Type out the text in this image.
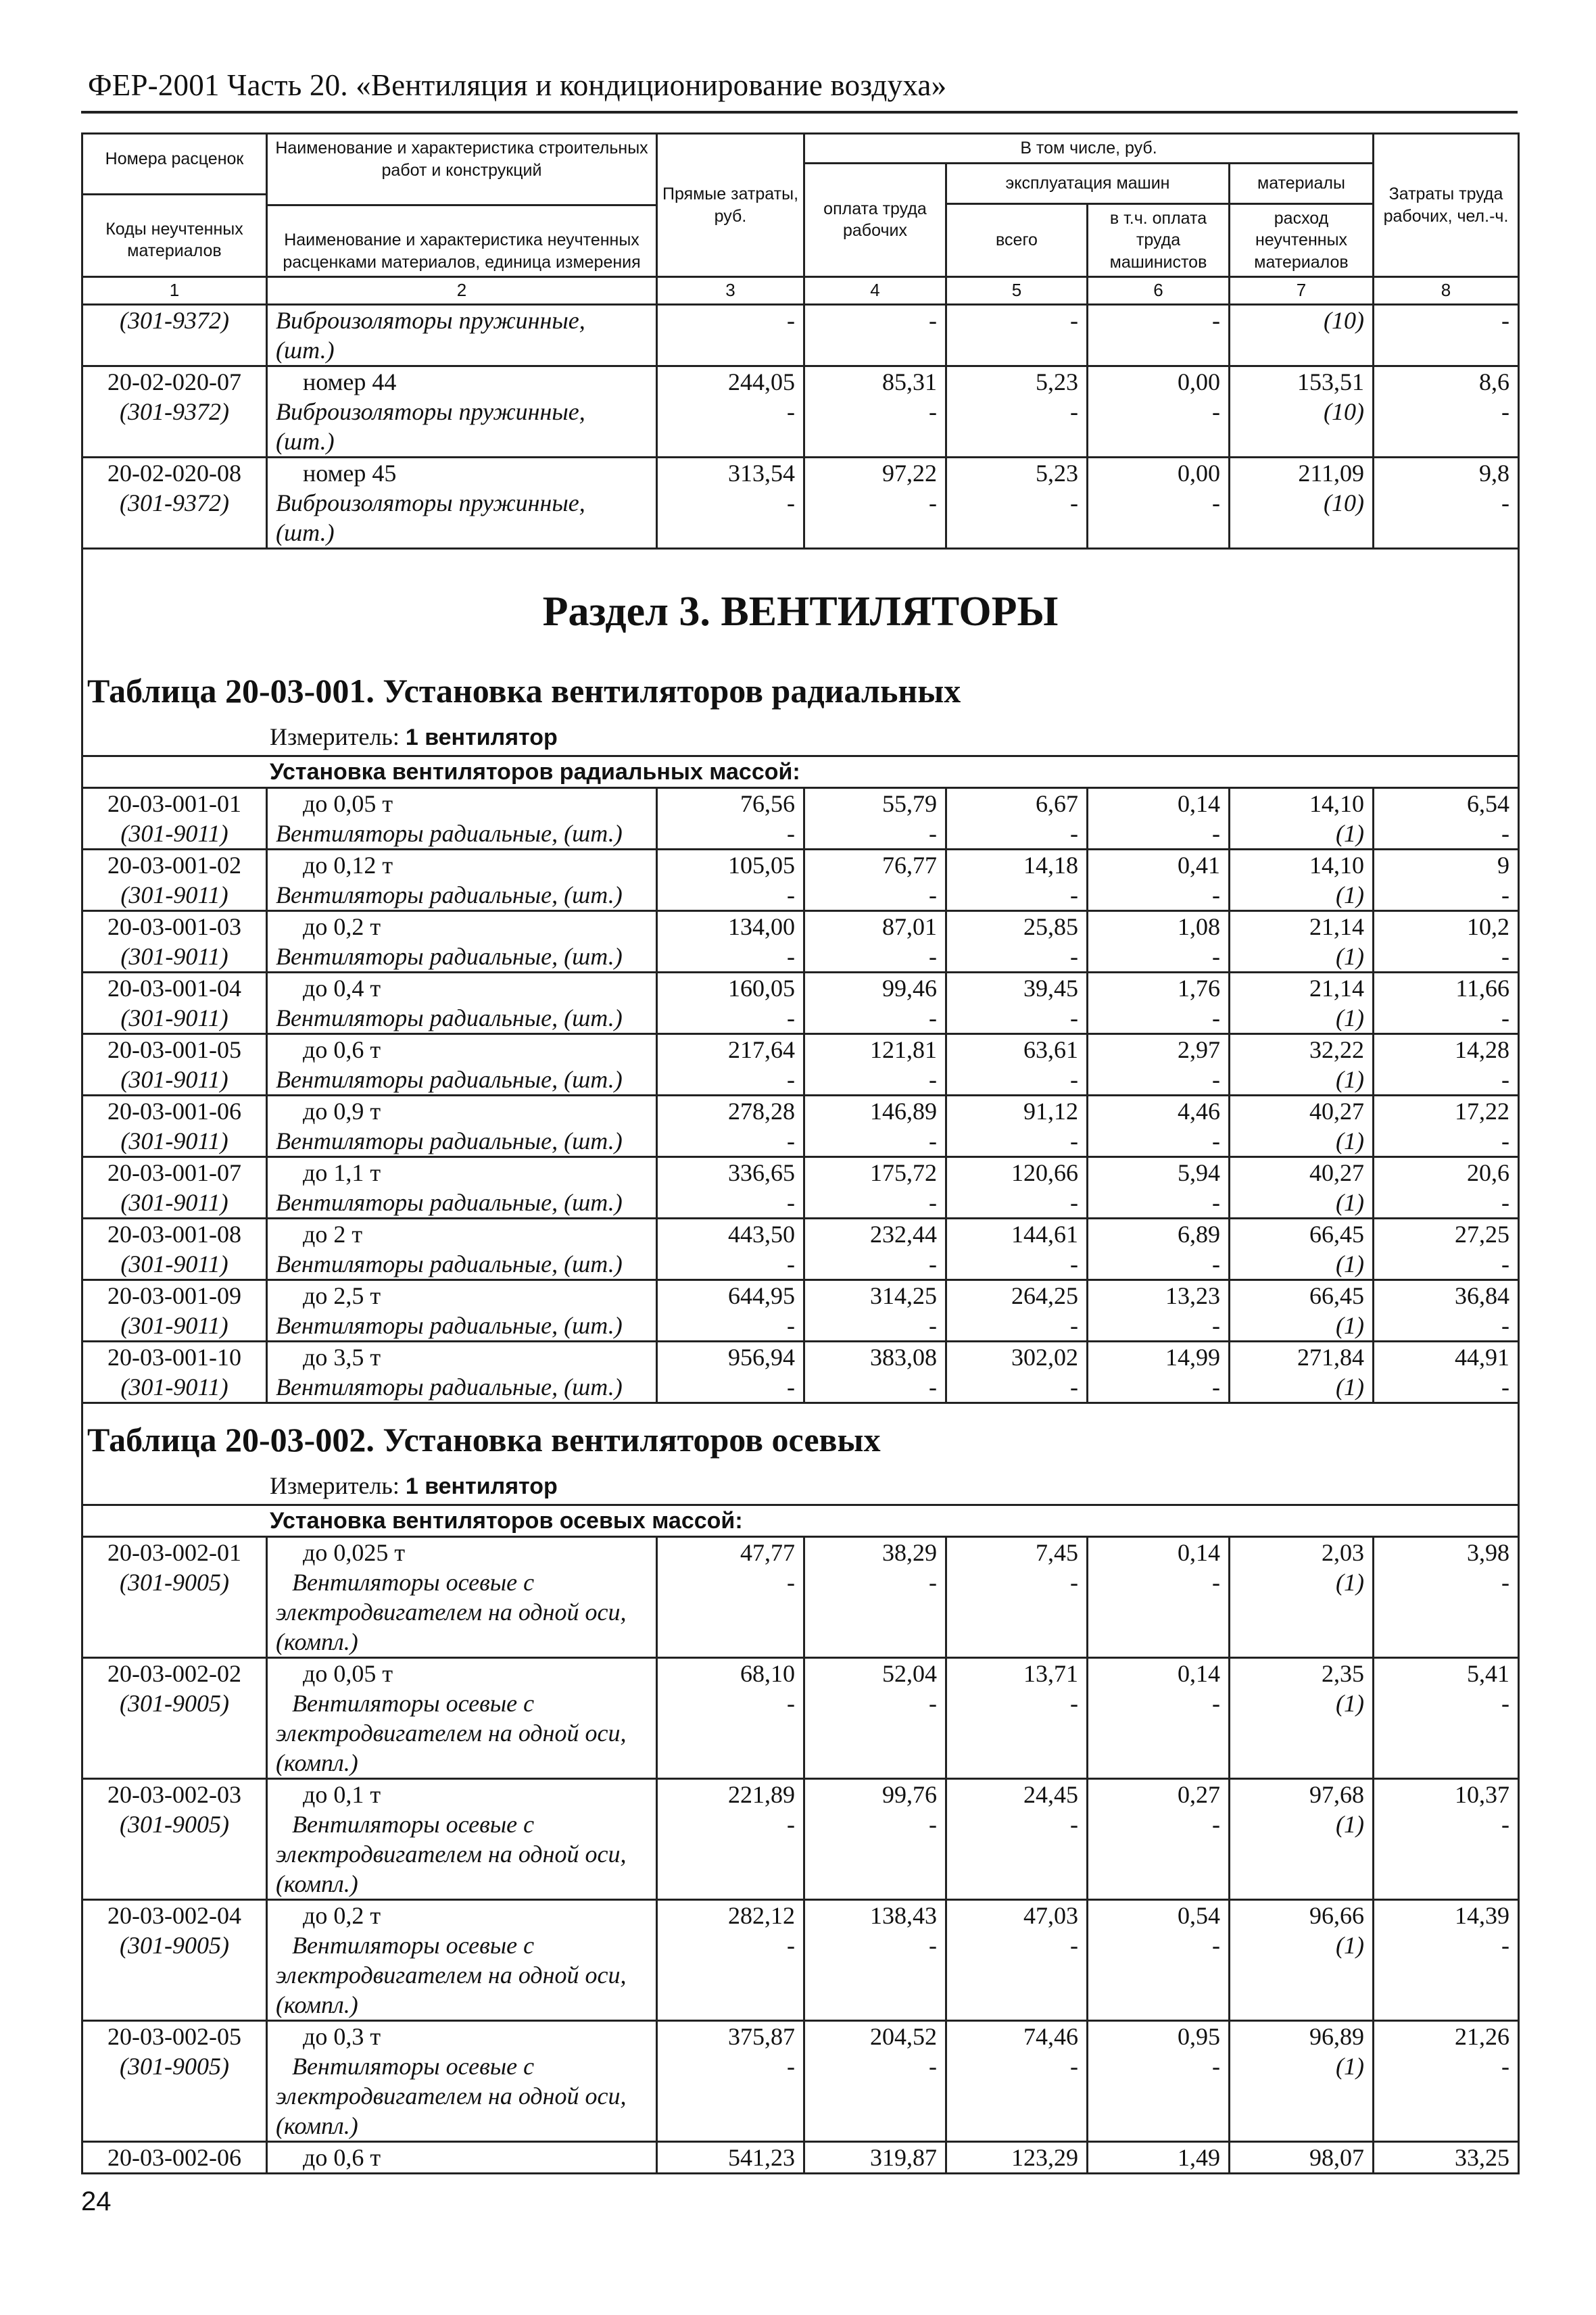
ФЕР-2001 Часть 20. «Вентиляция и кондиционирование воздуха»
Номера расценок
Коды неучтенных материалов	Наименование и характеристика строительных работ и конструкций
Наименование и характеристика неучтенных расценками материалов, единица измерения	Прямые затраты, руб.	В том числе, руб.				Затраты труда рабочих, чел.-ч.
			оплата труда рабочих	эксплуатация машин		материалы	
				всего	в т.ч. оплата труда машинистов	расход неучтенных материалов	
1	2	3	4	5	6	7	8
(301-9372)	Виброизоляторы пружинные, (шт.)	-	-	-	-	(10)	-
20-02-020-07	номер 44	244,05	85,31	5,23	0,00	153,51	8,6
(301-9372)	Виброизоляторы пружинные, (шт.)	-	-	-	-	(10)	-
20-02-020-08	номер 45	313,54	97,22	5,23	0,00	211,09	9,8
(301-9372)	Виброизоляторы пружинные, (шт.)	-	-	-	-	(10)	-
Раздел 3. ВЕНТИЛЯТОРЫ							
Таблица 20-03-001. Установка вентиляторов радиальных							
Измеритель: 1 вентилятор							
Установка вентиляторов радиальных массой:							
20-03-001-01	до 0,05 т	76,56	55,79	6,67	0,14	14,10	6,54
(301-9011)	Вентиляторы радиальные, (шт.)	-	-	-	-	(1)	-
20-03-001-02	до 0,12 т	105,05	76,77	14,18	0,41	14,10	9
(301-9011)	Вентиляторы радиальные, (шт.)	-	-	-	-	(1)	-
20-03-001-03	до 0,2 т	134,00	87,01	25,85	1,08	21,14	10,2
(301-9011)	Вентиляторы радиальные, (шт.)	-	-	-	-	(1)	-
20-03-001-04	до 0,4 т	160,05	99,46	39,45	1,76	21,14	11,66
(301-9011)	Вентиляторы радиальные, (шт.)	-	-	-	-	(1)	-
20-03-001-05	до 0,6 т	217,64	121,81	63,61	2,97	32,22	14,28
(301-9011)	Вентиляторы радиальные, (шт.)	-	-	-	-	(1)	-
20-03-001-06	до 0,9 т	278,28	146,89	91,12	4,46	40,27	17,22
(301-9011)	Вентиляторы радиальные, (шт.)	-	-	-	-	(1)	-
20-03-001-07	до 1,1 т	336,65	175,72	120,66	5,94	40,27	20,6
(301-9011)	Вентиляторы радиальные, (шт.)	-	-	-	-	(1)	-
20-03-001-08	до 2 т	443,50	232,44	144,61	6,89	66,45	27,25
(301-9011)	Вентиляторы радиальные, (шт.)	-	-	-	-	(1)	-
20-03-001-09	до 2,5 т	644,95	314,25	264,25	13,23	66,45	36,84
(301-9011)	Вентиляторы радиальные, (шт.)	-	-	-	-	(1)	-
20-03-001-10	до 3,5 т	956,94	383,08	302,02	14,99	271,84	44,91
(301-9011)	Вентиляторы радиальные, (шт.)	-	-	-	-	(1)	-
Таблица 20-03-002. Установка вентиляторов осевых							
Измеритель: 1 вентилятор							
Установка вентиляторов осевых массой:							
20-03-002-01	до 0,025 т	47,77	38,29	7,45	0,14	2,03	3,98
(301-9005)	Вентиляторы осевые с
электродвигателем на одной оси,
(компл.)	-	-	-	-	(1)	-
20-03-002-02	до 0,05 т	68,10	52,04	13,71	0,14	2,35	5,41
(301-9005)	Вентиляторы осевые с
электродвигателем на одной оси,
(компл.)	-	-	-	-	(1)	-
20-03-002-03	до 0,1 т	221,89	99,76	24,45	0,27	97,68	10,37
(301-9005)	Вентиляторы осевые с
электродвигателем на одной оси,
(компл.)	-	-	-	-	(1)	-
20-03-002-04	до 0,2 т	282,12	138,43	47,03	0,54	96,66	14,39
(301-9005)	Вентиляторы осевые с
электродвигателем на одной оси,
(компл.)	-	-	-	-	(1)	-
20-03-002-05	до 0,3 т	375,87	204,52	74,46	0,95	96,89	21,26
(301-9005)	Вентиляторы осевые с
электродвигателем на одной оси,
(компл.)	-	-	-	-	(1)	-
20-03-002-06	до 0,6 т	541,23	319,87	123,29	1,49	98,07	33,25
24
